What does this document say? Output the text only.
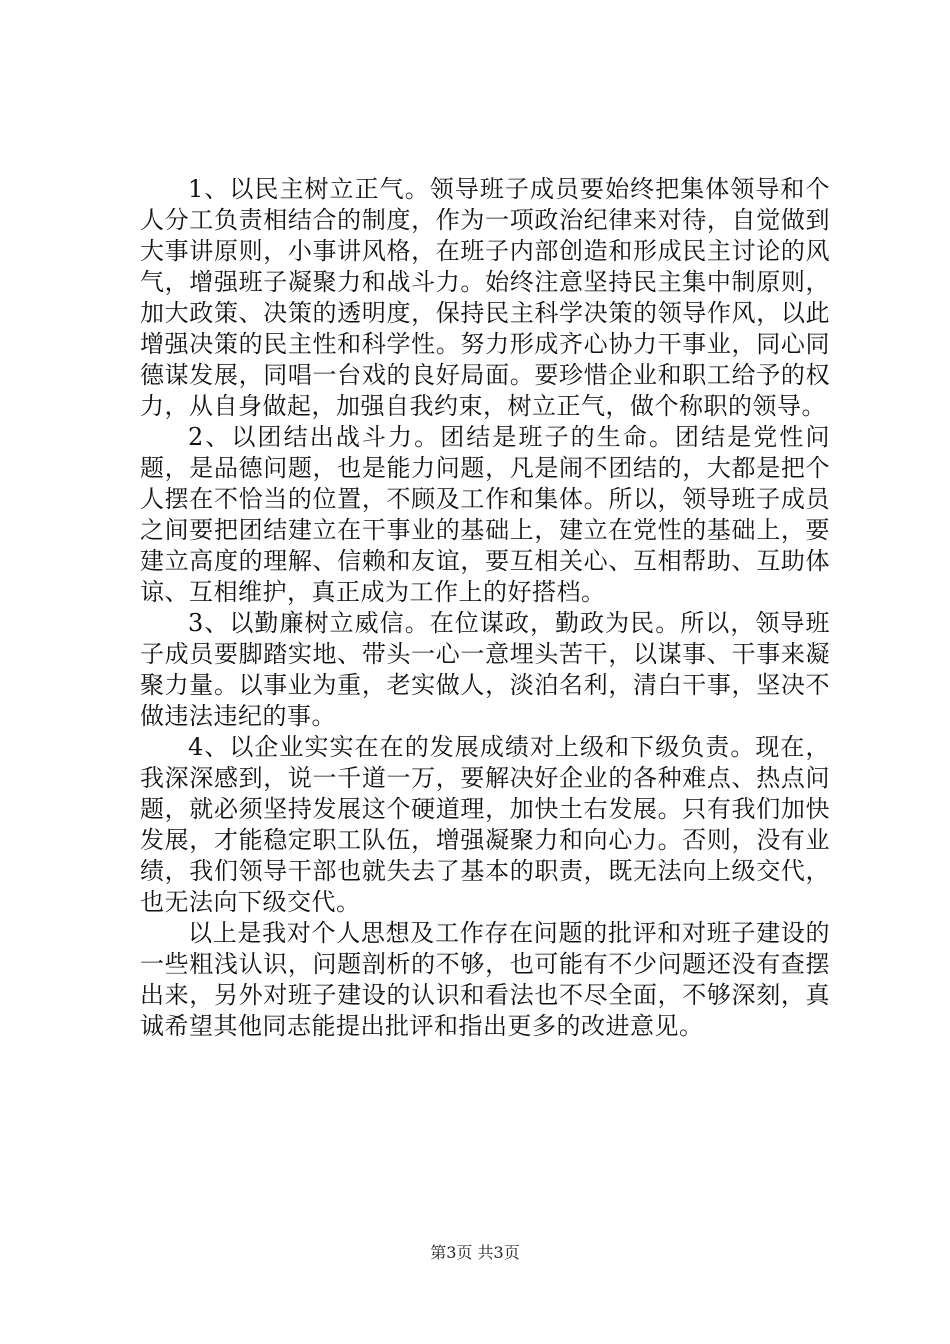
1、以民主树立正气。领导班子成员要始终把集体领导和个人分工负责相结合的制度，作为一项政治纪律来对待，自觉做到大事讲原则，小事讲风格，在班子内部创造和形成民主讨论的风气，增强班子凝聚力和战斗力。始终注意坚持民主集中制原则，加大政策、决策的透明度，保持民主科学决策的领导作风，以此增强决策的民主性和科学性。努力形成齐心协力干事业，同心同德谋发展，同唱一台戏的良好局面。要珍惜企业和职工给予的权力，从自身做起，加强自我约束，树立正气，做个称职的领导。

2、以团结出战斗力。团结是班子的生命。团结是党性问题，是品德问题，也是能力问题，凡是闹不团结的，大都是把个人摆在不恰当的位置，不顾及工作和集体。所以，领导班子成员之间要把团结建立在干事业的基础上，建立在党性的基础上，要建立高度的理解、信赖和友谊，要互相关心、互相帮助、互助体谅、互相维护，真正成为工作上的好搭档。

3、以勤廉树立威信。在位谋政，勤政为民。所以，领导班子成员要脚踏实地、带头一心一意埋头苦干，以谋事、干事来凝聚力量。以事业为重，老实做人，淡泊名利，清白干事，坚决不做违法违纪的事。

4、以企业实实在在的发展成绩对上级和下级负责。现在，我深深感到，说一千道一万，要解决好企业的各种难点、热点问题，就必须坚持发展这个硬道理，加快土右发展。只有我们加快发展，才能稳定职工队伍，增强凝聚力和向心力。否则，没有业绩，我们领导干部也就失去了基本的职责，既无法向上级交代，也无法向下级交代。

以上是我对个人思想及工作存在问题的批评和对班子建设的一些粗浅认识，问题剖析的不够，也可能有不少问题还没有查摆出来，另外对班子建设的认识和看法也不尽全面，不够深刻，真诚希望其他同志能提出批评和指出更多的改进意见。

第3页 共3页
